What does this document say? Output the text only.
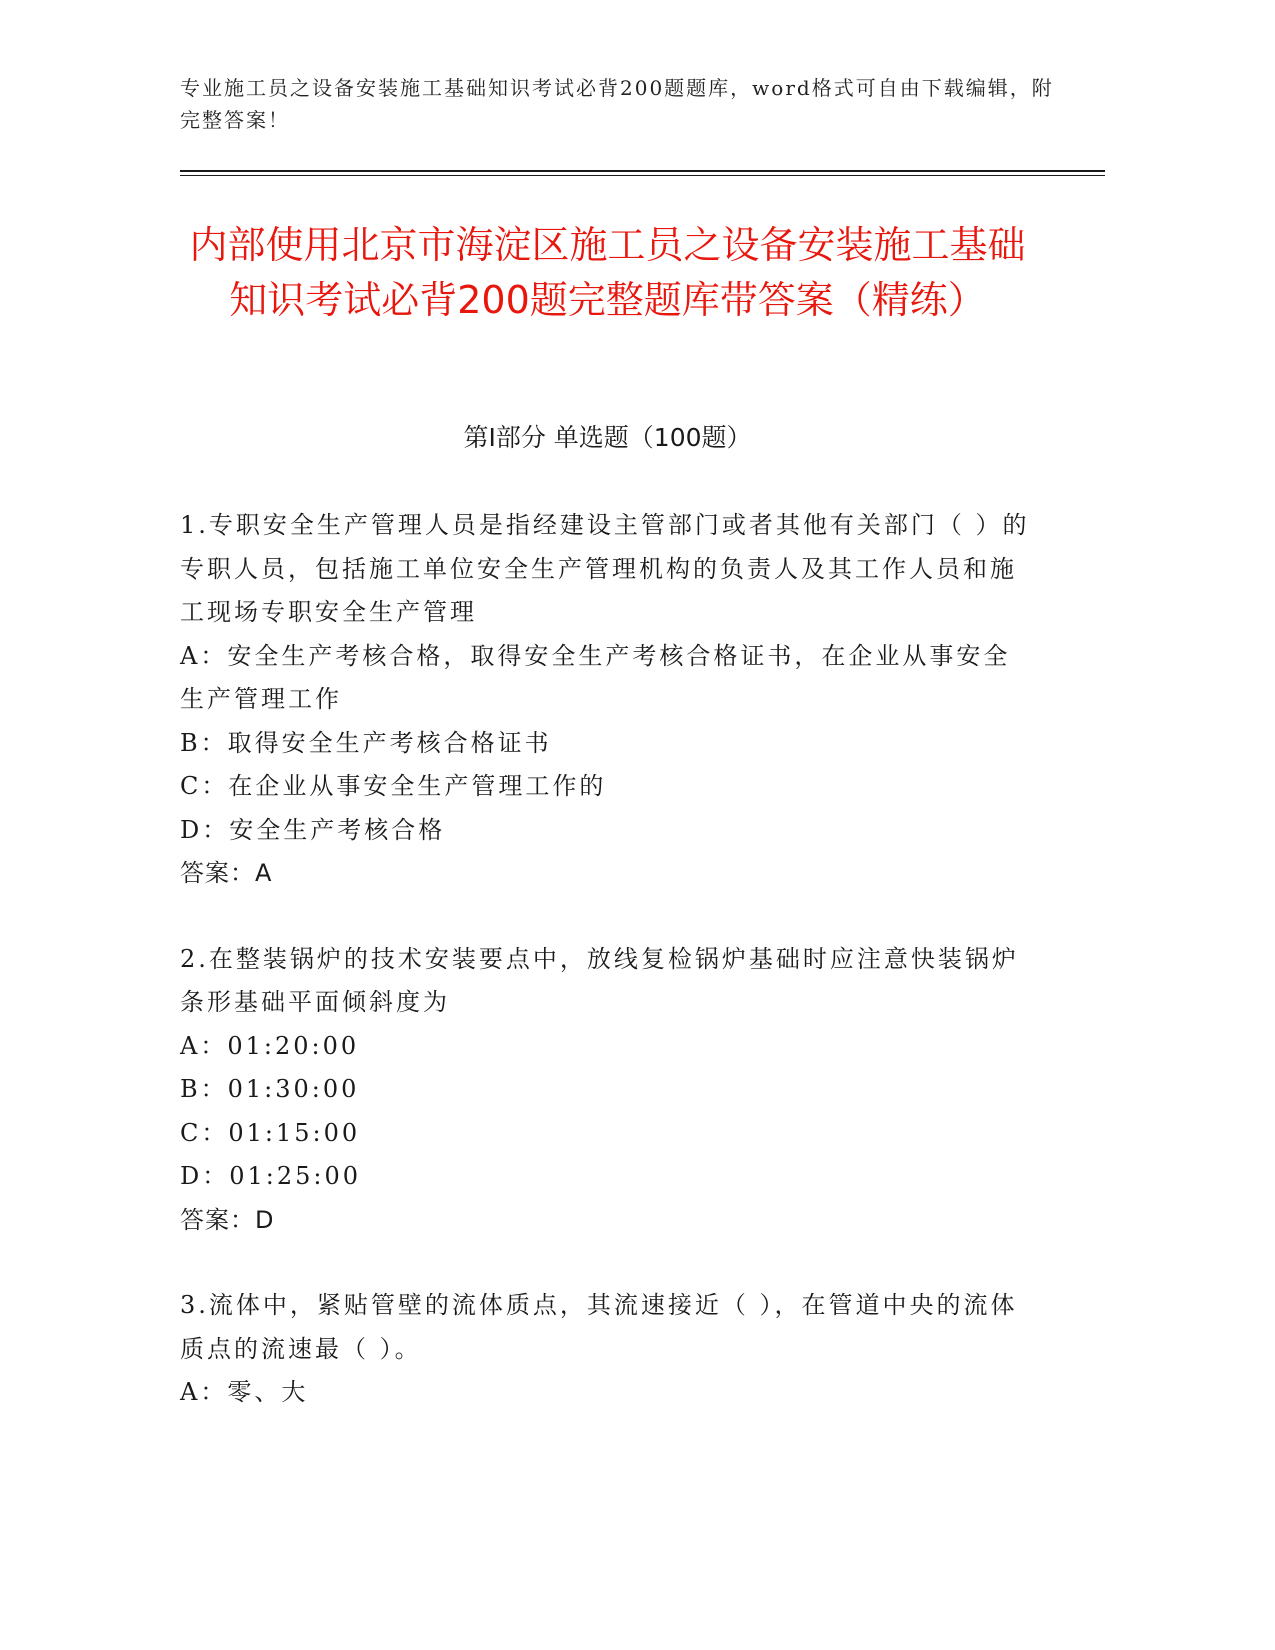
专业施工员之设备安装施工基础知识考试必背200题题库，word格式可自由下载编辑，附完整答案！
内部使用北京市海淀区施工员之设备安装施工基础知识考试必背200题完整题库带答案（精练）
第Ⅰ部分 单选题（100题）
1.专职安全生产管理人员是指经建设主管部门或者其他有关部门（ ）的专职人员，包括施工单位安全生产管理机构的负责人及其工作人员和施工现场专职安全生产管理
A：安全生产考核合格，取得安全生产考核合格证书，在企业从事安全生产管理工作
B：取得安全生产考核合格证书
C：在企业从事安全生产管理工作的
D：安全生产考核合格
答案：A
2.在整装锅炉的技术安装要点中，放线复检锅炉基础时应注意快装锅炉条形基础平面倾斜度为
A：01:20:00
B：01:30:00
C：01:15:00
D：01:25:00
答案：D
3.流体中，紧贴管壁的流体质点，其流速接近（ ），在管道中央的流体质点的流速最（ ）。
A：零、大
